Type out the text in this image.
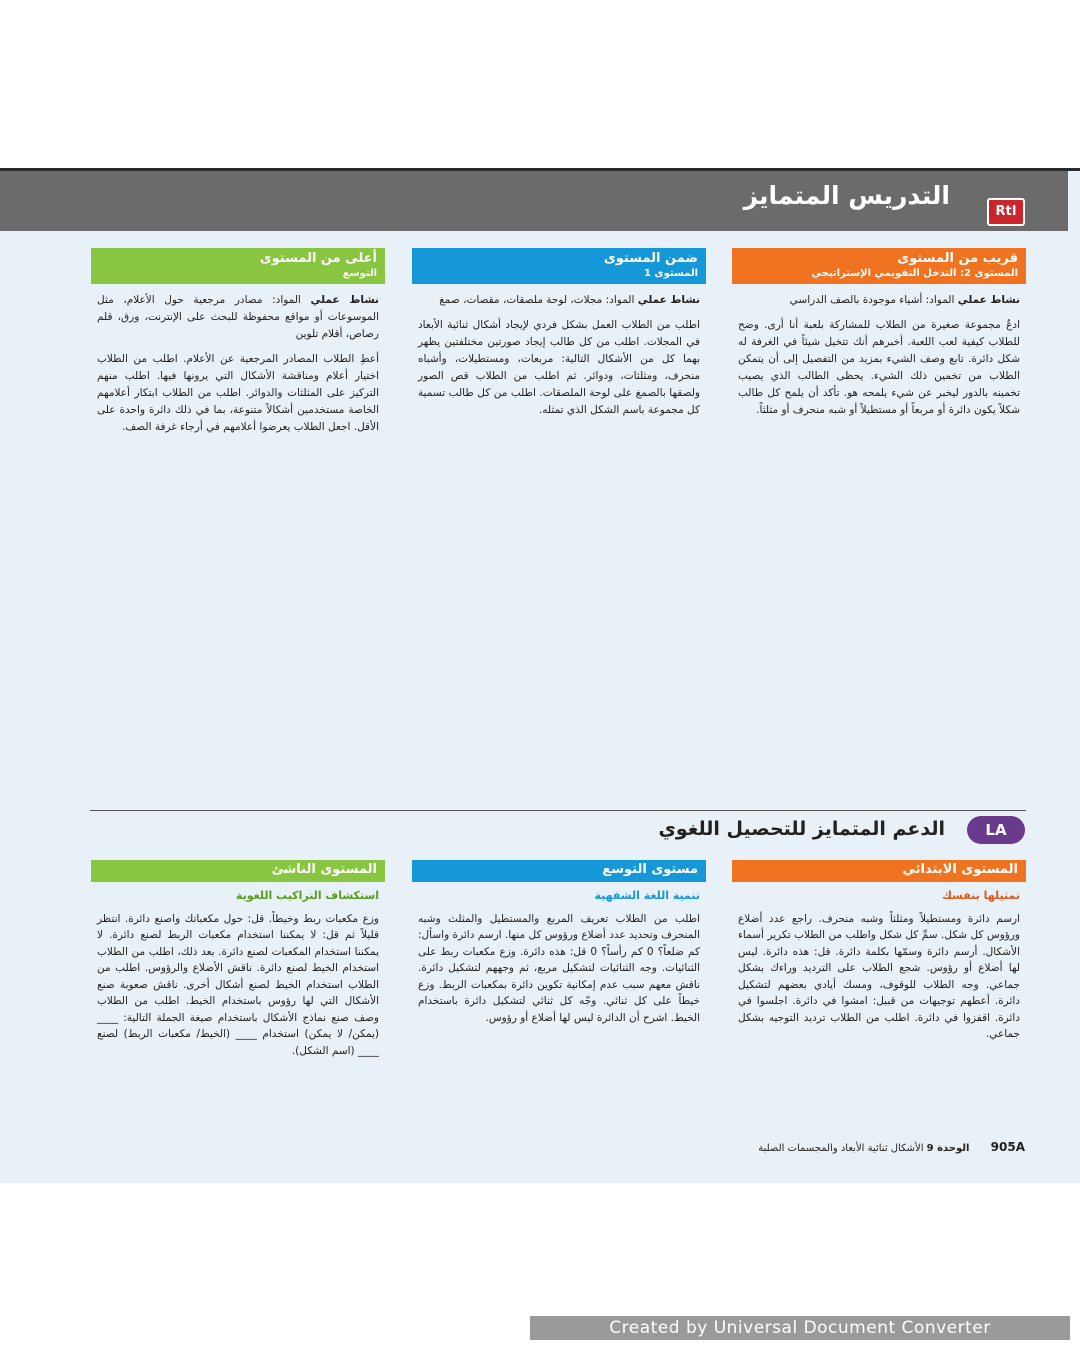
التدريس المتمايز
RtI
قريب من المستوى
المستوى 2: التدخل التقويمي الإستراتيجي

نشاط عملي المواد: أشياء موجودة بالصف الدراسي

ادعُ مجموعة صغيرة من الطلاب للمشاركة بلعبة أنا أرى. وضح للطلاب كيفية لعب اللعبة. أخبرهم أنك تتخيل شيئاً في الغرفة له شكل دائرة. تابع وصف الشيء بمزيد من التفصيل إلى أن يتمكن الطلاب من تخمين ذلك الشيء. يحظى الطالب الذي يصيب تخمينه بالدور ليخبر عن شيء يلمحه هو. تأكد أن يلمح كل طالب شكلاً يكون دائرة أو مربعاً أو مستطيلاً أو شبه منحرف أو مثلثاً.

ضمن المستوى
المستوى 1

نشاط عملي المواد: مجلات، لوحة ملصقات، مقصات، صمغ

اطلب من الطلاب العمل بشكل فردي لإيجاد أشكال ثنائية الأبعاد في المجلات. اطلب من كل طالب إيجاد صورتين مختلفتين يظهر بهما كل من الأشكال التالية: مربعات، ومستطيلات، وأشباه منحرف، ومثلثات، ودوائر. ثم اطلب من الطلاب قص الصور ولصقها بالصمغ على لوحة الملصقات. اطلب من كل طالب تسمية كل مجموعة باسم الشكل الذي تمثله.

أعلى من المستوى
التوسع

نشاط عملي المواد: مصادر مرجعية حول الأعلام، مثل الموسوعات أو مواقع محفوظة للبحث على الإنترنت، ورق، قلم رصاص، أقلام تلوين

أعطِ الطلاب المصادر المرجعية عن الأعلام. اطلب من الطلاب اختيار أعلام ومناقشة الأشكال التي يرونها فيها. اطلب منهم التركيز على المثلثات والدوائر. اطلب من الطلاب ابتكار أعلامهم الخاصة مستخدمين أشكالاً متنوعة، بما في ذلك دائرة واحدة على الأقل. اجعل الطلاب يعرضوا أعلامهم في أرجاء غرفة الصف.

الدعم المتمايز للتحصيل اللغوي	LA
المستوى الابتدائي
تمثيلها بنفسك
ارسم دائرة ومستطيلاً ومثلثاً وشبه منحرف. راجع عدد أضلاع ورؤوس كل شكل. سمِّ كل شكل واطلب من الطلاب تكرير أسماء الأشكال. أرسم دائرة وسمّها بكلمة دائرة. قل: هذه دائرة. ليس لها أضلاع أو رؤوس. شجع الطلاب على الترديد وراءك بشكل جماعي. وجه الطلاب للوقوف، ومسك أيادي بعضهم لتشكيل دائرة. أعطهم توجيهات من قبيل: امشوا في دائرة. اجلسوا في دائرة. اقفزوا في دائرة. اطلب من الطلاب ترديد التوجيه بشكل جماعي.
مستوى التوسع
تنمية اللغة الشفهية
اطلب من الطلاب تعريف المربع والمستطيل والمثلث وشبه المنحرف وتحديد عدد أضلاع ورؤوس كل منها. ارسم دائرة واسأل: كم ضلعاً؟ 0 كم رأساً؟ 0 قل: هذه دائرة. وزع مكعبات ربط على الثنائيات. وجه الثنائيات لتشكيل مربع، ثم وجههم لتشكيل دائرة. ناقش معهم سبب عدم إمكانية تكوين دائرة بمكعبات الربط. وزع خيطاً على كل ثنائي. وجّه كل ثنائي لتشكيل دائرة باستخدام الخيط. اشرح أن الدائرة ليس لها أضلاع أو رؤوس.
المستوى الناشئ
استكشاف التراكيب اللغوية
وزع مكعبات ربط وخيطاً. قل: حول مكعباتك واصنع دائرة. انتظر قليلاً ثم قل: لا يمكننا استخدام مكعبات الربط لصنع دائرة. لا يمكننا استخدام المكعبات لصنع دائرة. بعد ذلك، اطلب من الطلاب استخدام الخيط لصنع دائرة. ناقش الأضلاع والرؤوس. اطلب من الطلاب استخدام الخيط لصنع أشكال أخرى. ناقش صعوبة صنع الأشكال التي لها رؤوس باستخدام الخيط. اطلب من الطلاب وصف صنع نماذج الأشكال باستخدام صيغة الجملة التالية: ____ (يمكن/ لا يمكن) استخدام ____ (الخيط/ مكعبات الربط) لصنع ____ (اسم الشكل).
905A الوحدة 9 الأشكال ثنائية الأبعاد والمجسمات الصلبة
Created by Universal Document Converter
